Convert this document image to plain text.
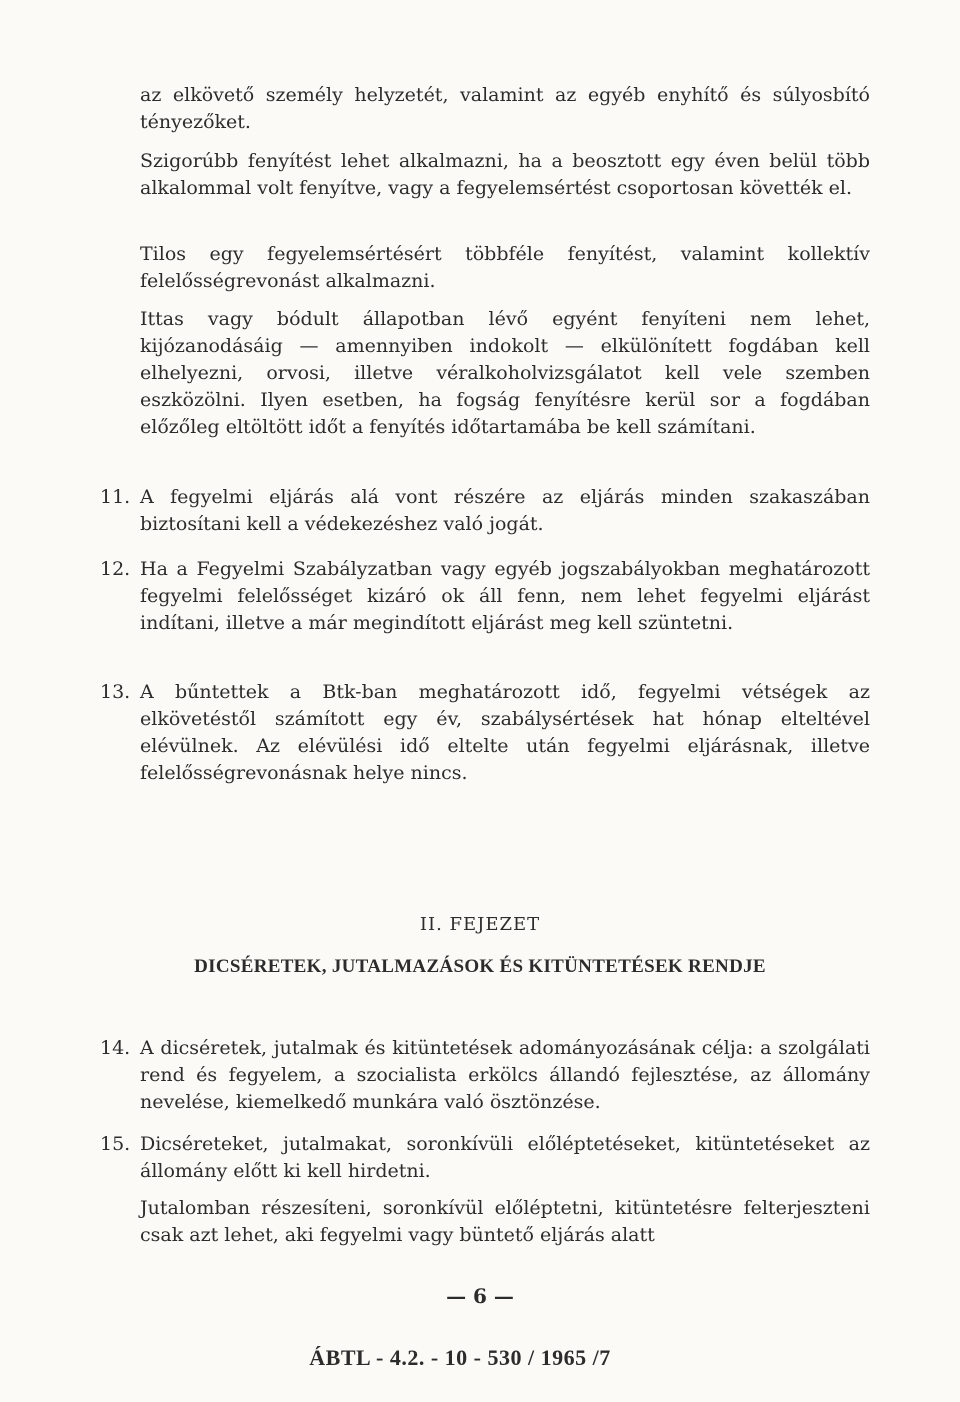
az elkövető személy helyzetét, valamint az egyéb enyhítő és súlyosbító tényezőket.

Szigorúbb fenyítést lehet alkalmazni, ha a beosztott egy éven belül több alkalommal volt fenyítve, vagy a fegyelemsértést csoportosan követték el.

Tilos egy fegyelemsértésért többféle fenyítést, valamint kollektív felelősségrevonást alkalmazni.

Ittas vagy bódult állapotban lévő egyént fenyíteni nem lehet, kijózanodásáig — amennyiben indokolt — elkülönített fogdában kell elhelyezni, orvosi, illetve véralkoholvizsgálatot kell vele szemben eszközölni. Ilyen esetben, ha fogság fenyítésre kerül sor a fogdában előzőleg eltöltött időt a fenyítés időtartamába be kell számítani.

11. A fegyelmi eljárás alá vont részére az eljárás minden szakaszában biztosítani kell a védekezéshez való jogát.

12. Ha a Fegyelmi Szabályzatban vagy egyéb jogszabályokban meghatározott fegyelmi felelősséget kizáró ok áll fenn, nem lehet fegyelmi eljárást indítani, illetve a már megindított eljárást meg kell szüntetni.

13. A bűntettek a Btk-ban meghatározott idő, fegyelmi vétségek az elkövetéstől számított egy év, szabálysértések hat hónap elteltével elévülnek. Az elévülési idő eltelte után fegyelmi eljárásnak, illetve felelősségrevonásnak helye nincs.

II. FEJEZET

DICSÉRETEK, JUTALMAZÁSOK ÉS KITÜNTETÉSEK RENDJE

14. A dicséretek, jutalmak és kitüntetések adományozásának célja: a szolgálati rend és fegyelem, a szocialista erkölcs állandó fejlesztése, az állomány nevelése, kiemelkedő munkára való ösztönzése.

15. Dicséreteket, jutalmakat, soronkívüli előléptetéseket, kitüntetéseket az állomány előtt ki kell hirdetni.

Jutalomban részesíteni, soronkívül előléptetni, kitüntetésre felterjeszteni csak azt lehet, aki fegyelmi vagy büntető eljárás alatt

— 6 —

ÁBTL - 4.2. - 10 - 530 / 1965 /7
